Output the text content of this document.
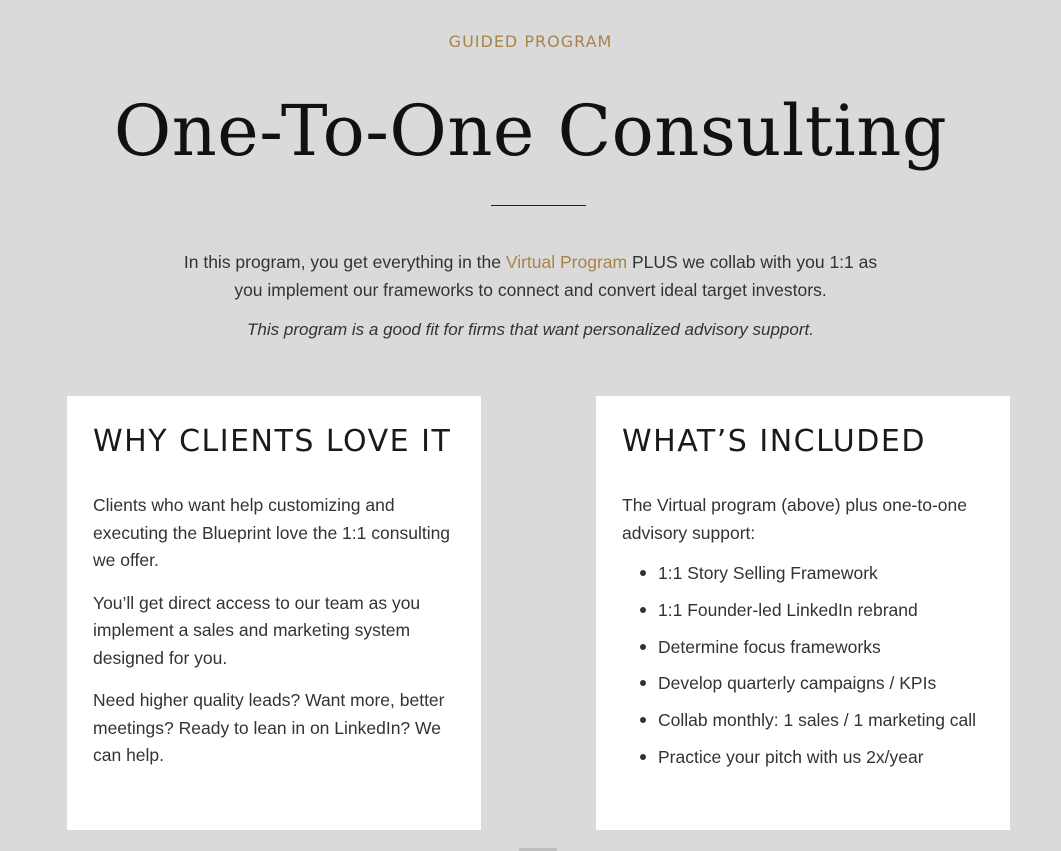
GUIDED PROGRAM
One-To-One Consulting

In this program, you get everything in the Virtual Program PLUS we collab with you 1:1 as you implement our frameworks to connect and convert ideal target investors.

This program is a good fit for firms that want personalized advisory support.

WHY CLIENTS LOVE IT

Clients who want help customizing and executing the Blueprint love the 1:1 consulting we offer.

You’ll get direct access to our team as you implement a sales and marketing system designed for you.

Need higher quality leads? Want more, better meetings? Ready to lean in on LinkedIn? We can help.

WHAT’S INCLUDED

The Virtual program (above) plus one-to-one advisory support:

1:1 Story Selling Framework
1:1 Founder-led LinkedIn rebrand
Determine focus frameworks
Develop quarterly campaigns / KPIs
Collab monthly: 1 sales / 1 marketing call
Practice your pitch with us 2x/year
